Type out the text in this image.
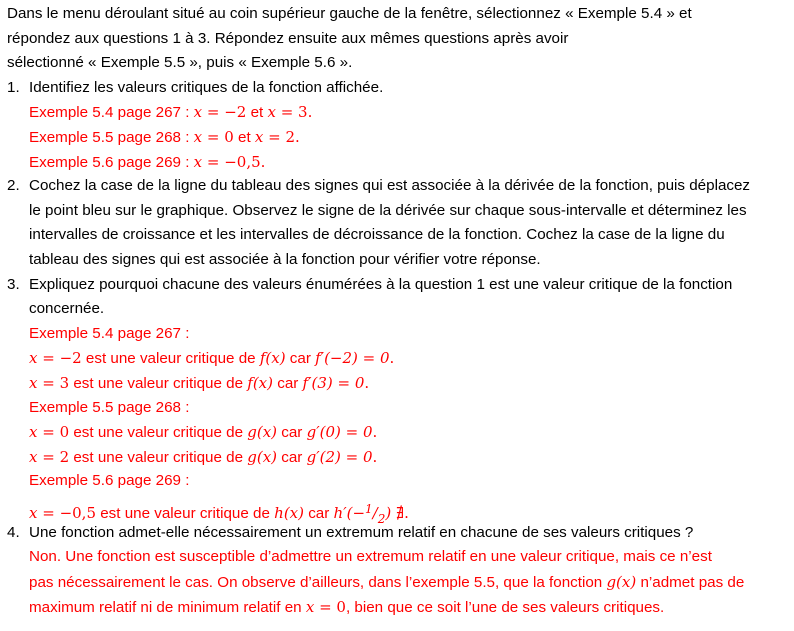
Dans le menu déroulant situé au coin supérieur gauche de la fenêtre, sélectionnez « Exemple 5.4 » et
répondez aux questions 1 à 3. Répondez ensuite aux mêmes questions après avoir
sélectionné « Exemple 5.5 », puis « Exemple 5.6 ».
1. Identifiez les valeurs critiques de la fonction affichée.
Exemple 5.4 page 267 : x = −2 et x = 3.
Exemple 5.5 page 268 : x = 0 et x = 2.
Exemple 5.6 page 269 : x = −0,5.
2. Cochez la case de la ligne du tableau des signes qui est associée à la dérivée de la fonction, puis déplacez
le point bleu sur le graphique. Observez le signe de la dérivée sur chaque sous-intervalle et déterminez les
intervalles de croissance et les intervalles de décroissance de la fonction. Cochez la case de la ligne du
tableau des signes qui est associée à la fonction pour vérifier votre réponse.
3. Expliquez pourquoi chacune des valeurs énumérées à la question 1 est une valeur critique de la fonction
concernée.
Exemple 5.4 page 267 :
x = −2 est une valeur critique de f(x) car f′(−2) = 0.
x = 3 est une valeur critique de f(x) car f′(3) = 0.
Exemple 5.5 page 268 :
x = 0 est une valeur critique de g(x) car g′(0) = 0.
x = 2 est une valeur critique de g(x) car g′(2) = 0.
Exemple 5.6 page 269 :
x = −0,5 est une valeur critique de h(x) car $h'(-^1/_2)$ ∄.
4. Une fonction admet-elle nécessairement un extremum relatif en chacune de ses valeurs critiques ?
Non. Une fonction est susceptible d’admettre un extremum relatif en une valeur critique, mais ce n’est
pas nécessairement le cas. On observe d’ailleurs, dans l’exemple 5.5, que la fonction g(x) n’admet pas de
maximum relatif ni de minimum relatif en x = 0, bien que ce soit l’une de ses valeurs critiques.
